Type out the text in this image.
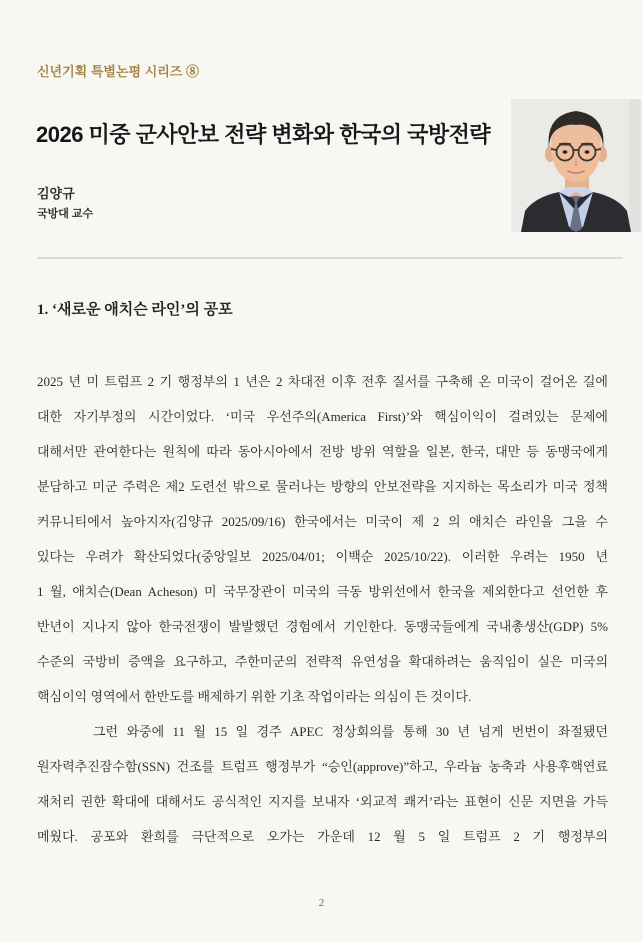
신년기획 특별논평 시리즈 ⑧
2026 미중 군사안보 전략 변화와 한국의 국방전략
김양규
국방대 교수
1. ‘새로운 애치슨 라인’의 공포
2025 년 미 트럼프 2 기 행정부의 1 년은 2 차대전 이후 전후 질서를 구축해 온 미국이 걸어온 길에
대한 자기부정의 시간이었다. ‘미국 우선주의(America First)’와 핵심이익이 걸려있는 문제에
대해서만 관여한다는 원칙에 따라 동아시아에서 전방 방위 역할을 일본, 한국, 대만 등 동맹국에게
분담하고 미군 주력은 제2 도련선 밖으로 물러나는 방향의 안보전략을 지지하는 목소리가 미국 정책
커뮤니티에서 높아지자(김양규 2025/09/16) 한국에서는 미국이 제 2 의 애치슨 라인을 그을 수
있다는 우려가 확산되었다(중앙일보 2025/04/01; 이백순 2025/10/22). 이러한 우려는 1950 년
1 월, 애치슨(Dean Acheson) 미 국무장관이 미국의 극동 방위선에서 한국을 제외한다고 선언한 후
반년이 지나지 않아 한국전쟁이 발발했던 경험에서 기인한다. 동맹국들에게 국내총생산(GDP) 5%
수준의 국방비 증액을 요구하고, 주한미군의 전략적 유연성을 확대하려는 움직임이 실은 미국의
핵심이익 영역에서 한반도를 배제하기 위한 기초 작업이라는 의심이 든 것이다.
그런 와중에 11 월 15 일 경주 APEC 정상회의를 통해 30 년 넘게 번번이 좌절됐던
원자력추진잠수함(SSN) 건조를 트럼프 행정부가 “승인(approve)”하고, 우라늄 농축과 사용후핵연료
재처리 권한 확대에 대해서도 공식적인 지지를 보내자 ‘외교적 쾌거’라는 표현이 신문 지면을 가득
메웠다. 공포와 환희를 극단적으로 오가는 가운데 12 월 5 일 트럼프 2 기 행정부의
2
